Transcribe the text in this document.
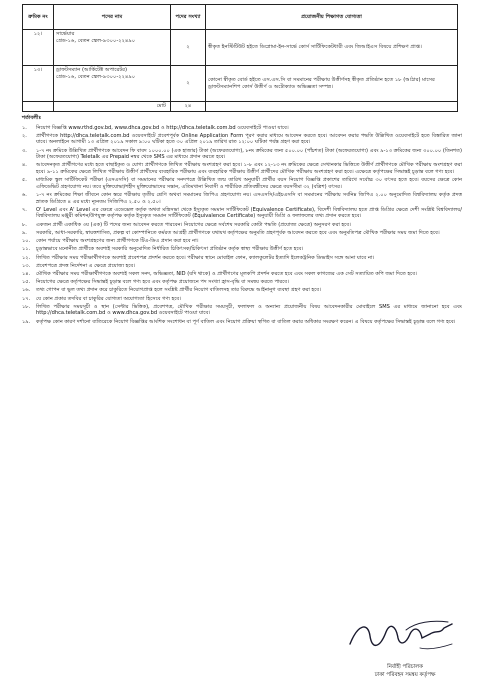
ক্রমিক নং	পদের নাম	পদের সংখ্যা	প্রয়োজনীয় শিক্ষাগত যোগ্যতা
১২।	সার্ভেয়ার
গ্রেড-১৬, বেতন স্কেল-৯৩০০-২২৪৯০	২	স্বীকৃত ইনস্টিটিউট হইতে ডিপ্লোমা-ইন-সার্ভে কোর্স সার্টিফিকেটধারী এবং জিআইএস বিষয়ে প্রশিক্ষণ প্রাপ্ত।
১৩।	ড্রাফটসম্যান (আর্কিটেক্ট অপারেটর)
গ্রেড-১৬, বেতন স্কেল-৯৩০০-২২৪৯০	২	কোনো স্বীকৃত বোর্ড হইতে এস.এস.সি বা সমমানের পরীক্ষায় উত্তীর্ণসহ স্বীকৃত প্রতিষ্ঠান হতে ১৮ (আঠার) মাসের ড্রাফটসম্যানশিপ কোর্স উত্তীর্ণ ও অটোক্যাড অভিজ্ঞতা সম্পন্ন।
	মোট	২৪	
শর্তাবলীঃ
১.	নিয়োগ বিজ্ঞপ্তি www.rthd.gov.bd, www.dhca.gov.bd ও http://dhca.teletalk.com.bd ওয়েবসাইটে পাওয়া যাবে।
২.	প্রার্থীগণকে http://dhca.teletalk.com.bd ওয়েবসাইটে প্রবেশপূর্বক Online Application Form পূরণ করার মাধ্যমে আবেদন করতে হবে। আবেদন করার পদ্ধতি উল্লিখিত ওয়েবসাইটে হতে বিস্তারিত জানা যাবে। অনলাইনে আগামী ১৩ এপ্রিল ২০১৯ সকাল ৯:০০ ঘটিকা হতে ৩০ এপ্রিল ২০১৯ তারিখ রাত ১২:০০ ঘটিকা পর্যন্ত গ্রহণ করা হবে।
৩.	১-৭ নং ক্রমিকে উল্লিখিত প্রার্থীগণকে আবেদন ফি বাবদ ১০০০.০০ (এক হাজার) টাকা (অফেরতযোগ্য), ৮নং ক্রমিকের জন্য ৫০০.০০ (পাঁচশত) টাকা (অফেরতযোগ্য) এবং ৯-১৩ ক্রমিকের জন্য ৩০০.০০ (তিনশত) টাকা (অফেরতযোগ্য) Teletalk এর Prepaid নম্বর থেকে SMS এর মাধ্যমে প্রদান করতে হবে।
৪.	আবেদনকৃত প্রার্থীগণের মধ্যে হতে বাছাইকৃত ও যোগ্য প্রার্থীগণকে লিখিত পরীক্ষায় অংশগ্রহণ করা হবে। ১-৮ এবং ১২-১৩ নং ক্রমিকের ক্ষেত্রে সেখানকার ভিত্তিতে উত্তীর্ণ প্রার্থীগণকে মৌখিক পরীক্ষায় অংশগ্রহণ করা হবে। ৯-১১ ক্রমিকের ক্ষেত্রে লিখিত পরীক্ষায় উত্তীর্ণ প্রার্থীদের ব্যবহারিক পরীক্ষায় এবং ব্যবহারিক পরীক্ষায় উত্তীর্ণ প্রার্থীদের মৌখিক পরীক্ষায় অংশগ্রহণ করা হবে। এক্ষেত্রে কর্তৃপক্ষের সিদ্ধান্তই চূড়ান্ত বলে গণ্য হবে।
৫.	মাধ্যমিক স্কুল সার্টিফিকেট পরীক্ষা (এসএসসি) বা সমমানের পরীক্ষার সনদপত্রে উল্লিখিত জন্ম তারিখ অনুযায়ী প্রার্থীর বয়স নিয়োগ বিজ্ঞপ্তি প্রকাশের তারিখে সর্বোচ্চ ৩০ বৎসর হতে হবে। বয়সের ক্ষেত্রে কোন এফিডেভিট গ্রহণযোগ্য নয়। তবে মুক্তিযোদ্ধা/শহীদ মুক্তিযোদ্ধাদের সন্তান, এতিমখানা নিবাসী ও শারীরিক প্রতিবন্ধীদের ক্ষেত্রে বয়সসীমা ৩২ (বত্রিশ) বৎসর।
৬.	১-৭ নং ক্রমিকের শিক্ষা জীবনে কোন স্তরে পরীক্ষায় তৃতীয় শ্রেণি অথবা সমমানের জিপিএ গ্রহণযোগ্য নয়। এসএসসি/এইচএসসি বা সমমানের পরীক্ষায় সর্বনিম্ন জিপিএ ২.০০ অনুমোদিত বিশ্ববিদ্যালয় কর্তৃক প্রদত্ত স্নাতক ডিগ্রিতে ৪ এর মধ্যে ন্যূনতম সিজিপিএ ২.৫০ ও ২.৫০।
৭.	O' Level এবং A' Level এর ক্ষেত্রে এডেক্সেল কর্তৃক অথবা মন্ত্রিসভা থেকে ইস্যুকৃত সমমান সার্টিফিকেট (Equivalence Certificate), বিদেশী বিশ্ববিদ্যালয় হতে প্রাপ্ত ডিগ্রির ক্ষেত্রে দেশী সংশ্লিষ্ট বিশ্ববিদ্যালয়/বিশ্ববিদ্যালয় মঞ্জুরী কমিশন/উপযুক্ত কর্তৃপক্ষ কর্তৃক ইস্যুকৃত সমমান সার্টিফিকেট (Equivalence Certificate) অনুযায়ী ডিগ্রি ও ফলাফলের তথ্য প্রদান করতে হবে।
৮.	একজন প্রার্থী একাধিক ৩য় (এক) টি পদের জন্য আবেদন করতে পারবেন। নিয়োগের ক্ষেত্রে সর্বশেষ সরকারি কোটা পদ্ধতি (প্রযোজ্য ক্ষেত্রে) অনুসরণ করা হবে।
৯.	সরকারি, আধা-সরকারি, স্বায়ত্তশাসিত, প্রকল্প বা কোম্পানিতে কর্মরত আগ্রহী প্রার্থীগণকে যথাযথ কর্তৃপক্ষের অনুমতি গ্রহণপূর্বক আবেদন করতে হবে এবং অনুমতিপত্র মৌখিক পরীক্ষার সময় জমা দিতে হবে।
১০.	কোন পর্যায়ে পরীক্ষায় অংশগ্রহণের জন্য প্রার্থীগণকে টিএ-ডিএ প্রদান করা হবে না।
১১.	চূড়ান্তভাবে মনোনীত প্রার্থীকে অবশ্যই সরকারি অনুমোদিত নির্ধারিত চিকিৎসক/চিকিৎসা প্রতিষ্ঠান কর্তৃক স্বাস্থ্য পরীক্ষায় উত্তীর্ণ হতে হবে।
১২.	লিখিত পরীক্ষার সময় পরীক্ষার্থীগণকে অবশ্যই প্রবেশপত্র প্রদর্শন করতে হবে। পরীক্ষার স্থানে মোবাইল ফোন, ক্যালকুলেটর ইত্যাদি ইলেকট্রনিক ডিভাইস সঙ্গে আনা যাবে না।
১৩.	প্রবেশপত্রে প্রদত্ত নির্দেশনা এ ক্ষেত্রে প্রযোজ্য হবে।
১৪.	মৌখিক পরীক্ষার সময় পরীক্ষার্থীগণকে অবশ্যই সকল সনদ, অভিজ্ঞতা, NID (যদি থাকে) ও প্রার্থীগণের মূলকপি প্রদর্শন করতে হবে এবং সকল কাগজের এক সেট সত্যায়িত কপি জমা দিতে হবে।
১৫.	নিয়োগের ক্ষেত্রে কর্তৃপক্ষের সিদ্ধান্তই চূড়ান্ত বলে গণ্য হবে এবং কর্তৃপক্ষ প্রয়োজনে পদ সংখ্যা হ্রাস-বৃদ্ধি বা সমন্বয় করতে পারবে।
১৬.	তথ্য গোপন বা ভুল তথ্য প্রদান করে চাকুরিতে নিয়োগপ্রাপ্ত হলে সংশ্লিষ্ট প্রার্থীর নিয়োগ বাতিলসহ তার বিরুদ্ধে আইনানুগ ব্যবস্থা গ্রহণ করা হবে।
১৭.	যে কোন প্রকার তদবির বা চাকুরির যোগ্যতা অযোগ্যতা হিসেবে গণ্য হবে।
১৮.	লিখিত পরীক্ষার সময়সূচী ও স্থান (সেন্টার ভিত্তিক), প্রবেশপত্র, মৌখিক পরীক্ষার সময়সূচী, ফলাফল ও অন্যান্য প্রয়োজনীয় বিষয় আবেদনকারীর মোবাইলে SMS এর মাধ্যমে জানানো হবে এবং http://dhca.teletalk.com.bd ও www.dhca.gov.bd ওয়েবসাইটে পাওয়া যাবে।
১৯.	কর্তৃপক্ষ কোন কারণ দর্শানো ব্যতিরেকে নিয়োগ বিজ্ঞপ্তির আংশিক সংশোধন বা পূর্ণ বাতিল এবং নিয়োগ প্রক্রিয়া স্থগিত বা বাতিল করার অধিকার সংরক্ষণ করেন। এ বিষয়ে কর্তৃপক্ষের সিদ্ধান্তই চূড়ান্ত বলে গণ্য হবে।
নির্বাহী পরিচালক
ঢাকা পরিবহন সমন্বয় কর্তৃপক্ষ
